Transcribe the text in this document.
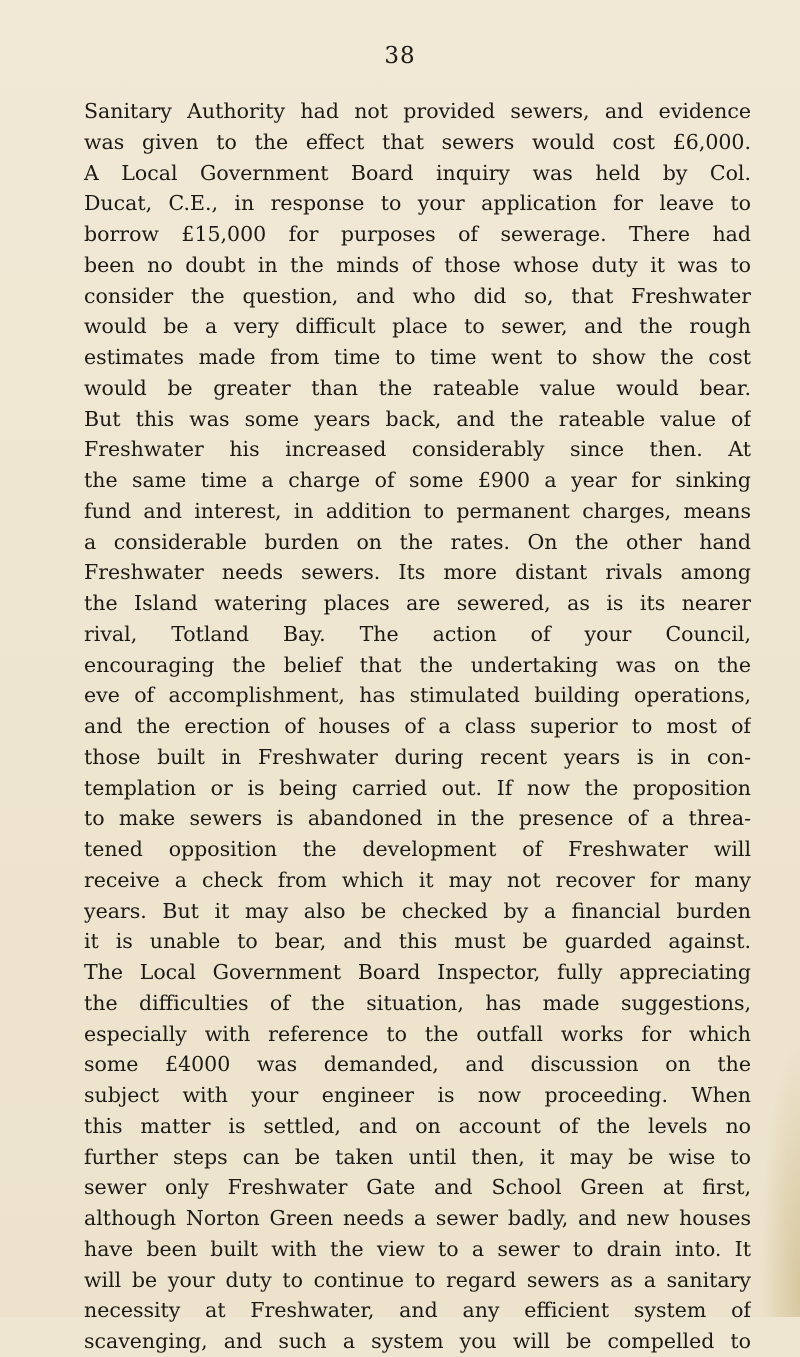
38
Sanitary Authority had not provided sewers, and evidence
was given to the effect that sewers would cost £6,000.
A Local Government Board inquiry was held by Col.
Ducat, C.E., in response to your application for leave to
borrow £15,000 for purposes of sewerage. There had
been no doubt in the minds of those whose duty it was to
consider the question, and who did so, that Freshwater
would be a very difficult place to sewer, and the rough
estimates made from time to time went to show the cost
would be greater than the rateable value would bear.
But this was some years back, and the rateable value of
Freshwater his increased considerably since then. At
the same time a charge of some £900 a year for sinking
fund and interest, in addition to permanent charges, means
a considerable burden on the rates. On the other hand
Freshwater needs sewers. Its more distant rivals among
the Island watering places are sewered, as is its nearer
rival, Totland Bay. The action of your Council,
encouraging the belief that the undertaking was on the
eve of accomplishment, has stimulated building operations,
and the erection of houses of a class superior to most of
those built in Freshwater during recent years is in con-
templation or is being carried out. If now the proposition
to make sewers is abandoned in the presence of a threa-
tened opposition the development of Freshwater will
receive a check from which it may not recover for many
years. But it may also be checked by a financial burden
it is unable to bear, and this must be guarded against.
The Local Government Board Inspector, fully appreciating
the difficulties of the situation, has made suggestions,
especially with reference to the outfall works for which
some £4000 was demanded, and discussion on the
subject with your engineer is now proceeding. When
this matter is settled, and on account of the levels no
further steps can be taken until then, it may be wise to
sewer only Freshwater Gate and School Green at first,
although Norton Green needs a sewer badly, and new houses
have been built with the view to a sewer to drain into. It
will be your duty to continue to regard sewers as a sanitary
necessity at Freshwater, and any efficient system of
scavenging, and such a system you will be compelled to
